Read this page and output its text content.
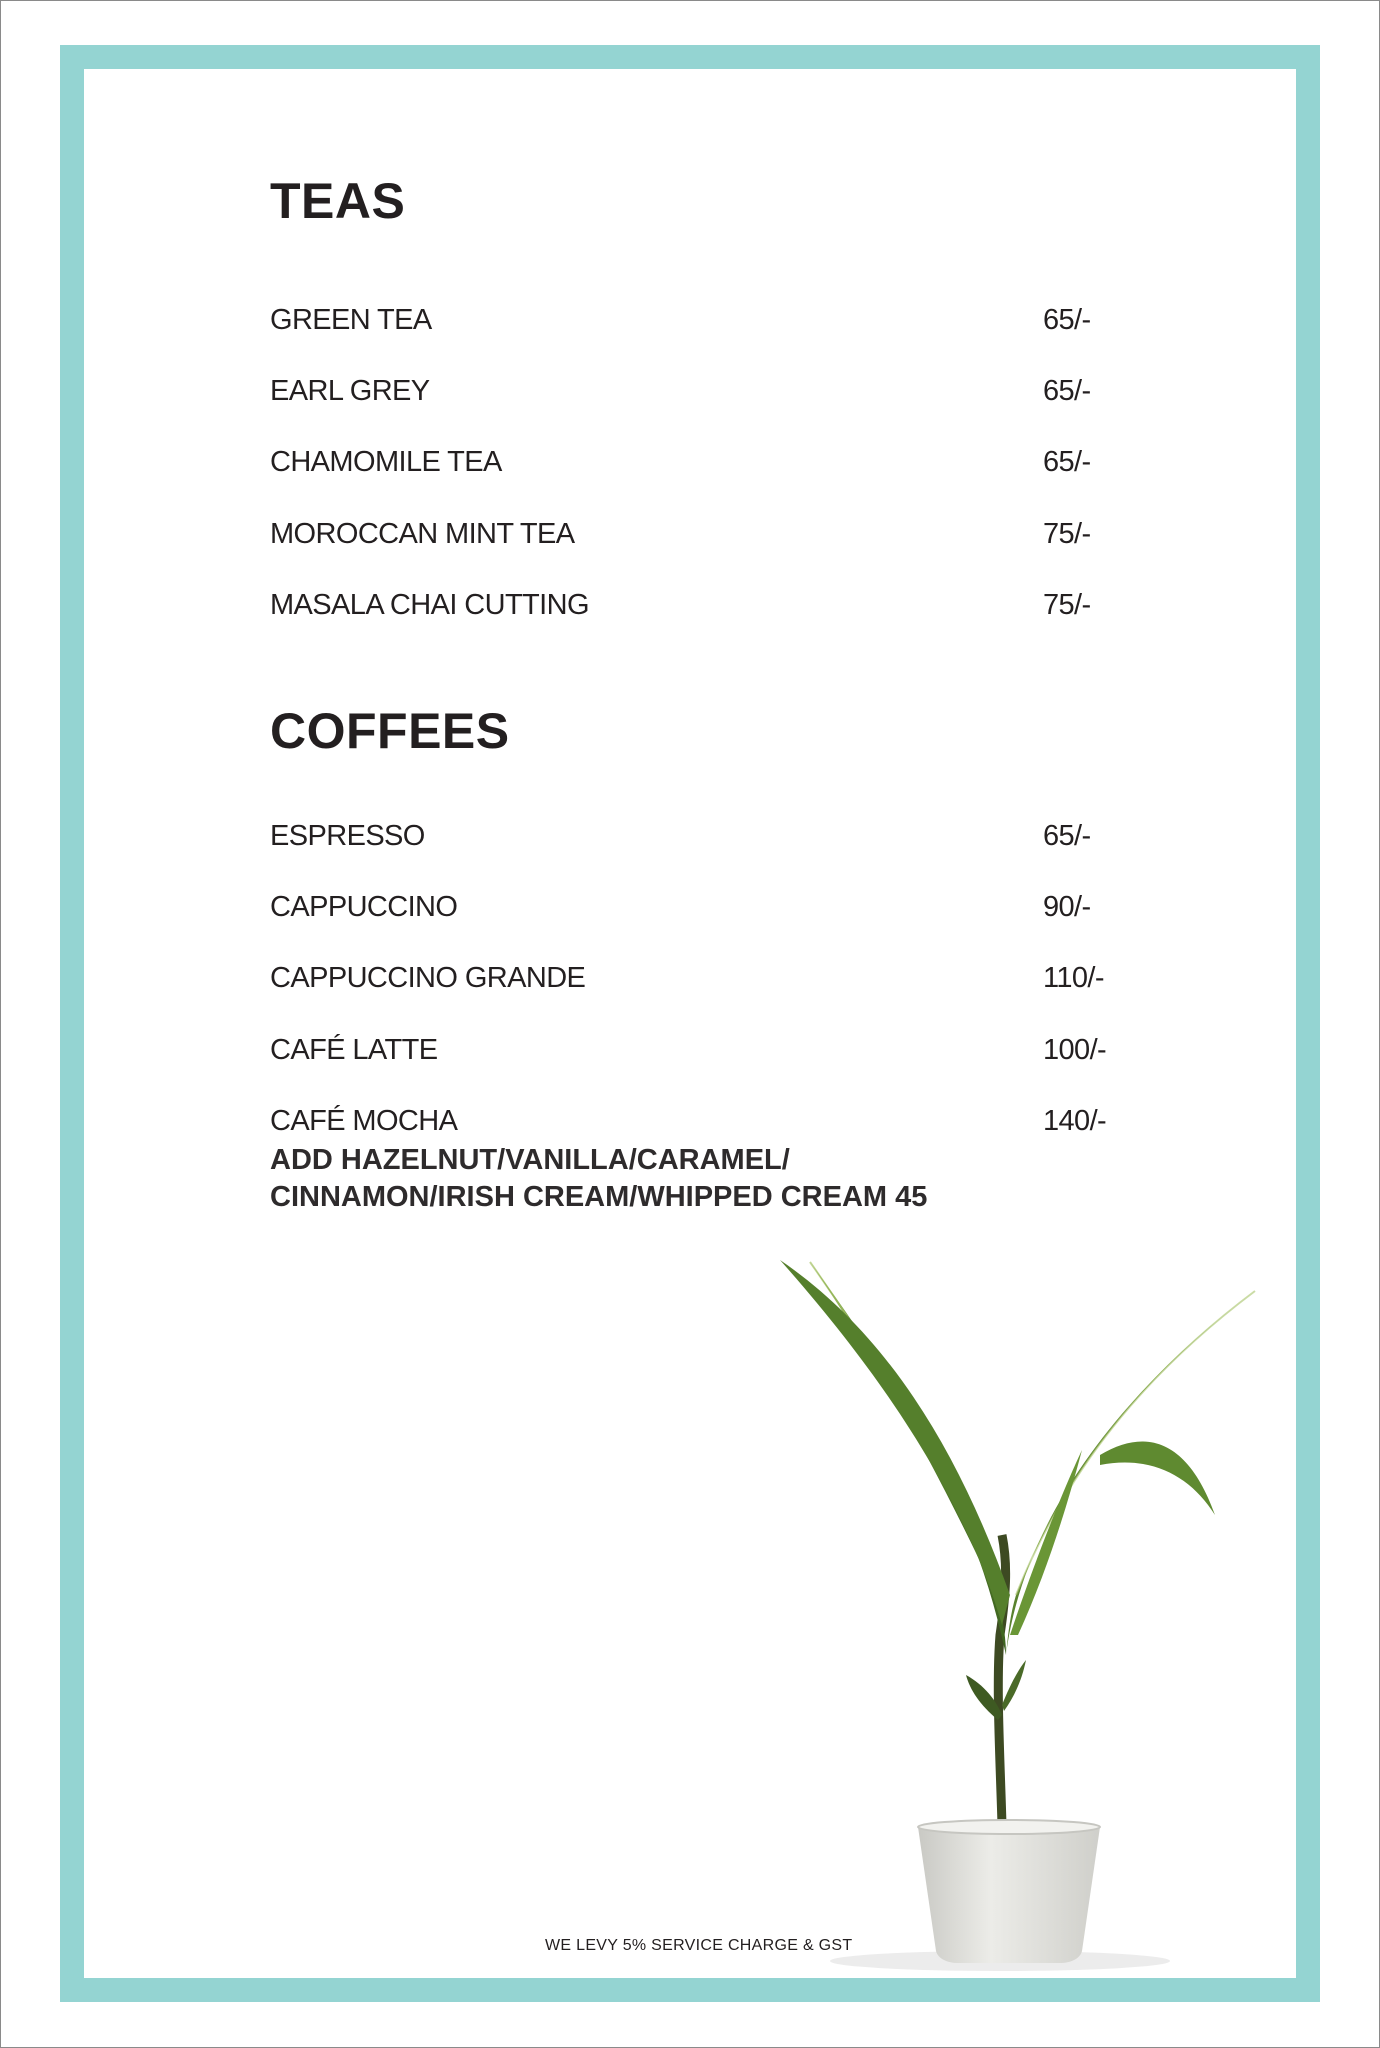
TEAS
GREEN TEA	65/-
EARL GREY	65/-
CHAMOMILE TEA	65/-
MOROCCAN MINT TEA	75/-
MASALA CHAI CUTTING	75/-
COFFEES
ESPRESSO	65/-
CAPPUCCINO	90/-
CAPPUCCINO GRANDE	110/-
CAFÉ LATTE	100/-
CAFÉ MOCHA	140/-
ADD HAZELNUT/VANILLA/CARAMEL/
CINNAMON/IRISH CREAM/WHIPPED CREAM 45
WE LEVY 5% SERVICE CHARGE & GST
